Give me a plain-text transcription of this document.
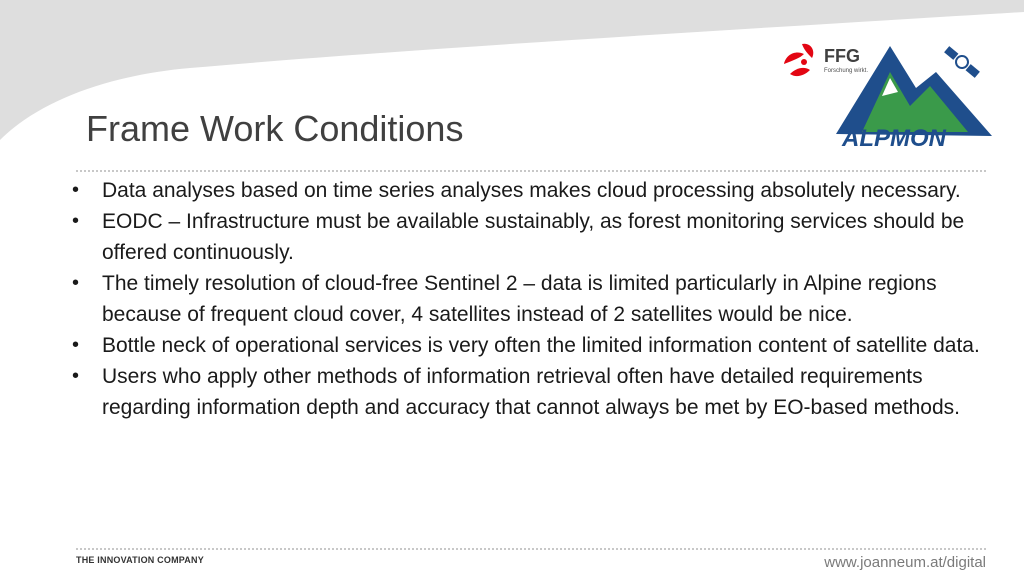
FFG
Forschung wirkt.
ALPMON
Frame Work Conditions
• Data analyses based on time series analyses makes cloud processing absolutely necessary.
• EODC – Infrastructure must be available sustainably, as forest monitoring services should be offered continuously.
• The timely resolution of cloud-free Sentinel 2 – data is limited particularly in Alpine regions because of frequent cloud cover, 4 satellites instead of 2 satellites would be nice.
• Bottle neck of operational services is very often the limited information content of satellite data.
• Users who apply other methods of information retrieval often have detailed requirements regarding information depth and accuracy that cannot always be met by EO-based methods.
THE INNOVATION COMPANY	www.joanneum.at/digital
